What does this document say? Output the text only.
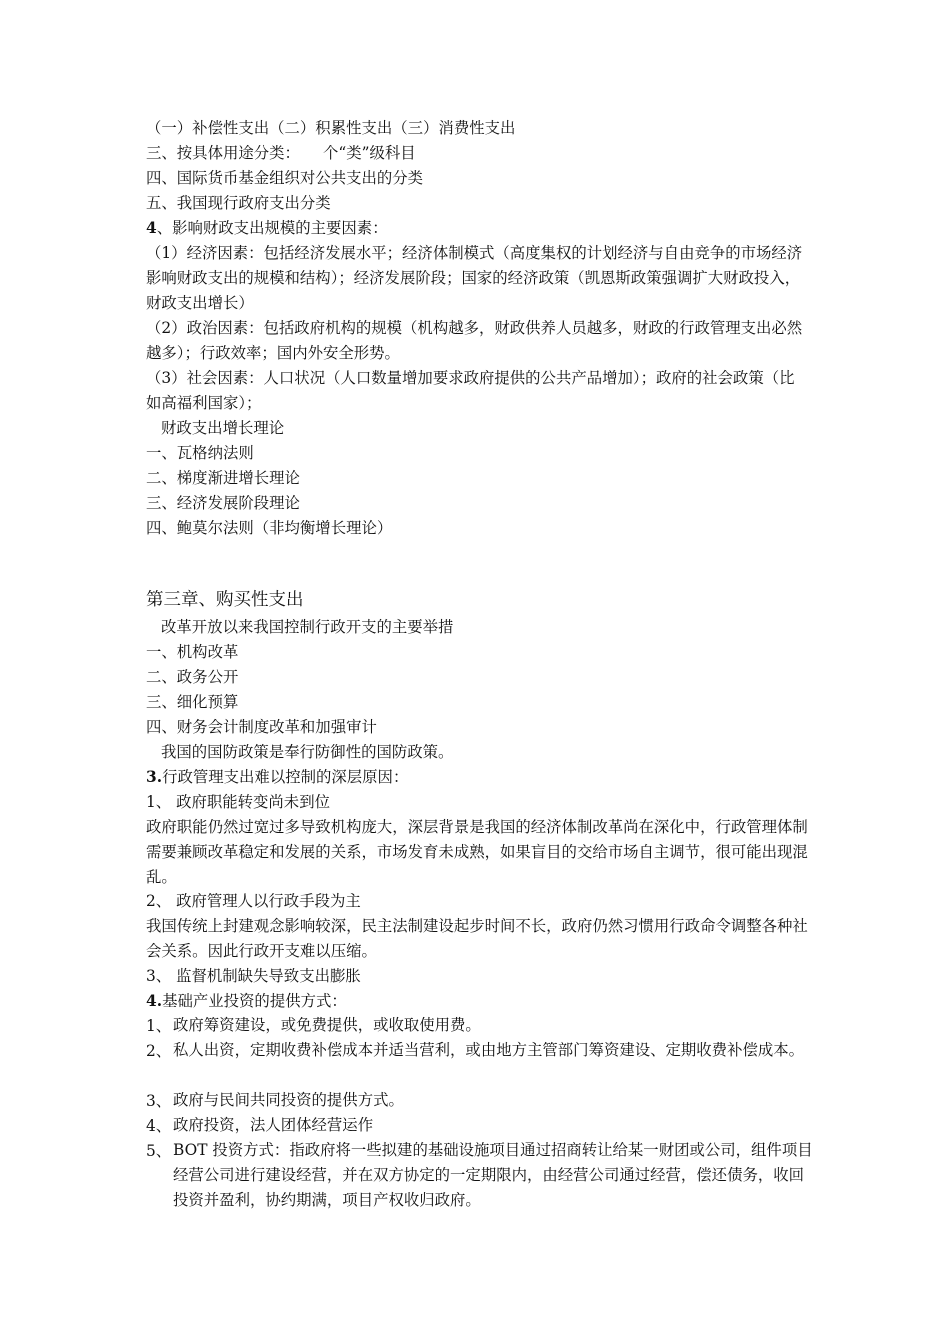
（一）补偿性支出（二）积累性支出（三）消费性支出
三、按具体用途分类：　　个“类”级科目
四、国际货币基金组织对公共支出的分类
五、我国现行政府支出分类
4、影响财政支出规模的主要因素：
（1）经济因素：包括经济发展水平；经济体制模式（高度集权的计划经济与自由竞争的市场经济影响财政支出的规模和结构）；经济发展阶段；国家的经济政策（凯恩斯政策强调扩大财政投入，财政支出增长）
（2）政治因素：包括政府机构的规模（机构越多，财政供养人员越多，财政的行政管理支出必然越多）；行政效率；国内外安全形势。
（3）社会因素：人口状况（人口数量增加要求政府提供的公共产品增加）；政府的社会政策（比如高福利国家）；
财政支出增长理论
一、瓦格纳法则
二、梯度渐进增长理论
三、经济发展阶段理论
四、鲍莫尔法则（非均衡增长理论）
第三章、购买性支出
改革开放以来我国控制行政开支的主要举措
一、机构改革
二、政务公开
三、细化预算
四、财务会计制度改革和加强审计
我国的国防政策是奉行防御性的国防政策。
3.行政管理支出难以控制的深层原因：
1、 政府职能转变尚未到位
政府职能仍然过宽过多导致机构庞大，深层背景是我国的经济体制改革尚在深化中，行政管理体制需要兼顾改革稳定和发展的关系，市场发育未成熟，如果盲目的交给市场自主调节，很可能出现混乱。
2、 政府管理人以行政手段为主
我国传统上封建观念影响较深，民主法制建设起步时间不长，政府仍然习惯用行政命令调整各种社会关系。因此行政开支难以压缩。
3、 监督机制缺失导致支出膨胀
4.基础产业投资的提供方式：
1、 政府筹资建设，或免费提供，或收取使用费。
2、 私人出资，定期收费补偿成本并适当营利，或由地方主管部门筹资建设、定期收费补偿成本。
3、 政府与民间共同投资的提供方式。
4、 政府投资，法人团体经营运作
5、 BOT 投资方式：指政府将一些拟建的基础设施项目通过招商转让给某一财团或公司，组件项目经营公司进行建设经营，并在双方协定的一定期限内，由经营公司通过经营，偿还债务，收回投资并盈利，协约期满，项目产权收归政府。
